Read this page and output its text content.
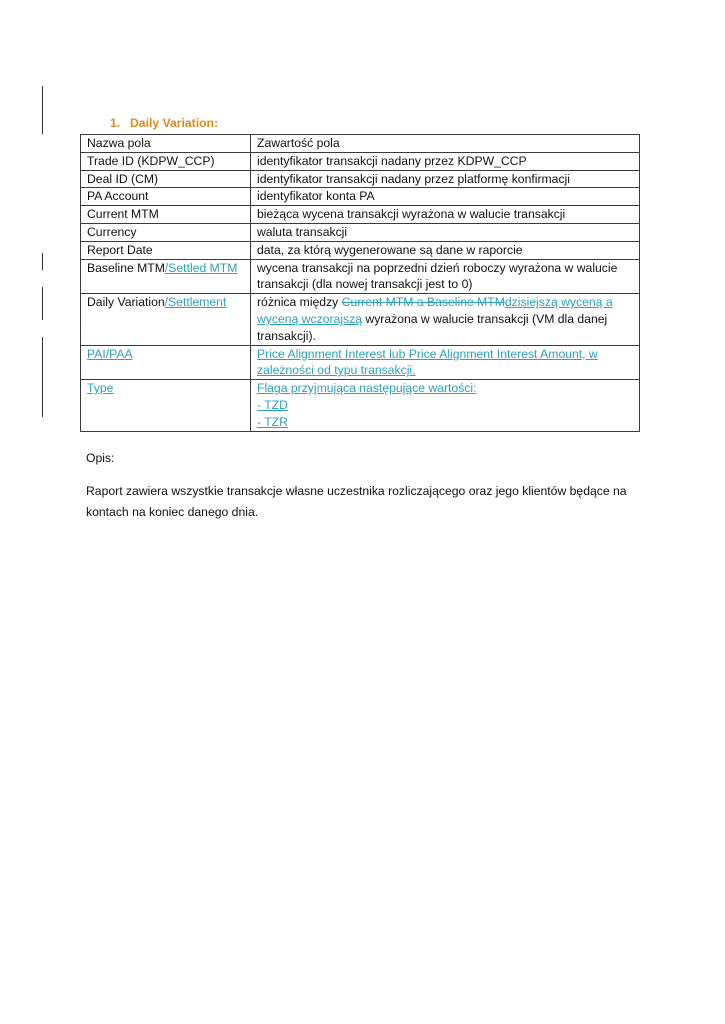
1. Daily Variation:
Nazwa pola	Zawartość pola
Trade ID (KDPW_CCP)	identyfikator transakcji nadany przez KDPW_CCP
Deal ID (CM)	identyfikator transakcji nadany przez platformę konfirmacji
PA Account	identyfikator konta PA
Current MTM	bieżąca wycena transakcji wyrażona w walucie transakcji
Currency	waluta transakcji
Report Date	data, za którą wygenerowane są dane w raporcie
Baseline MTM/Settled MTM	wycena transakcji na poprzedni dzień roboczy wyrażona w walucie transakcji (dla nowej transakcji jest to 0)
Daily Variation/Settlement	różnica między Current MTM a Baseline MTMdzisiejszą wyceną a wyceną wczorajszą wyrażona w walucie transakcji (VM dla danej transakcji).
PAI/PAA	Price Alignment Interest lub Price Alignment Interest Amount, w zależności od typu transakcji.
Type	Flaga przyjmująca następujące wartości:
- TZD
- TZR
Opis:
Raport zawiera wszystkie transakcje własne uczestnika rozliczającego oraz jego klientów będące na kontach na koniec danego dnia.
